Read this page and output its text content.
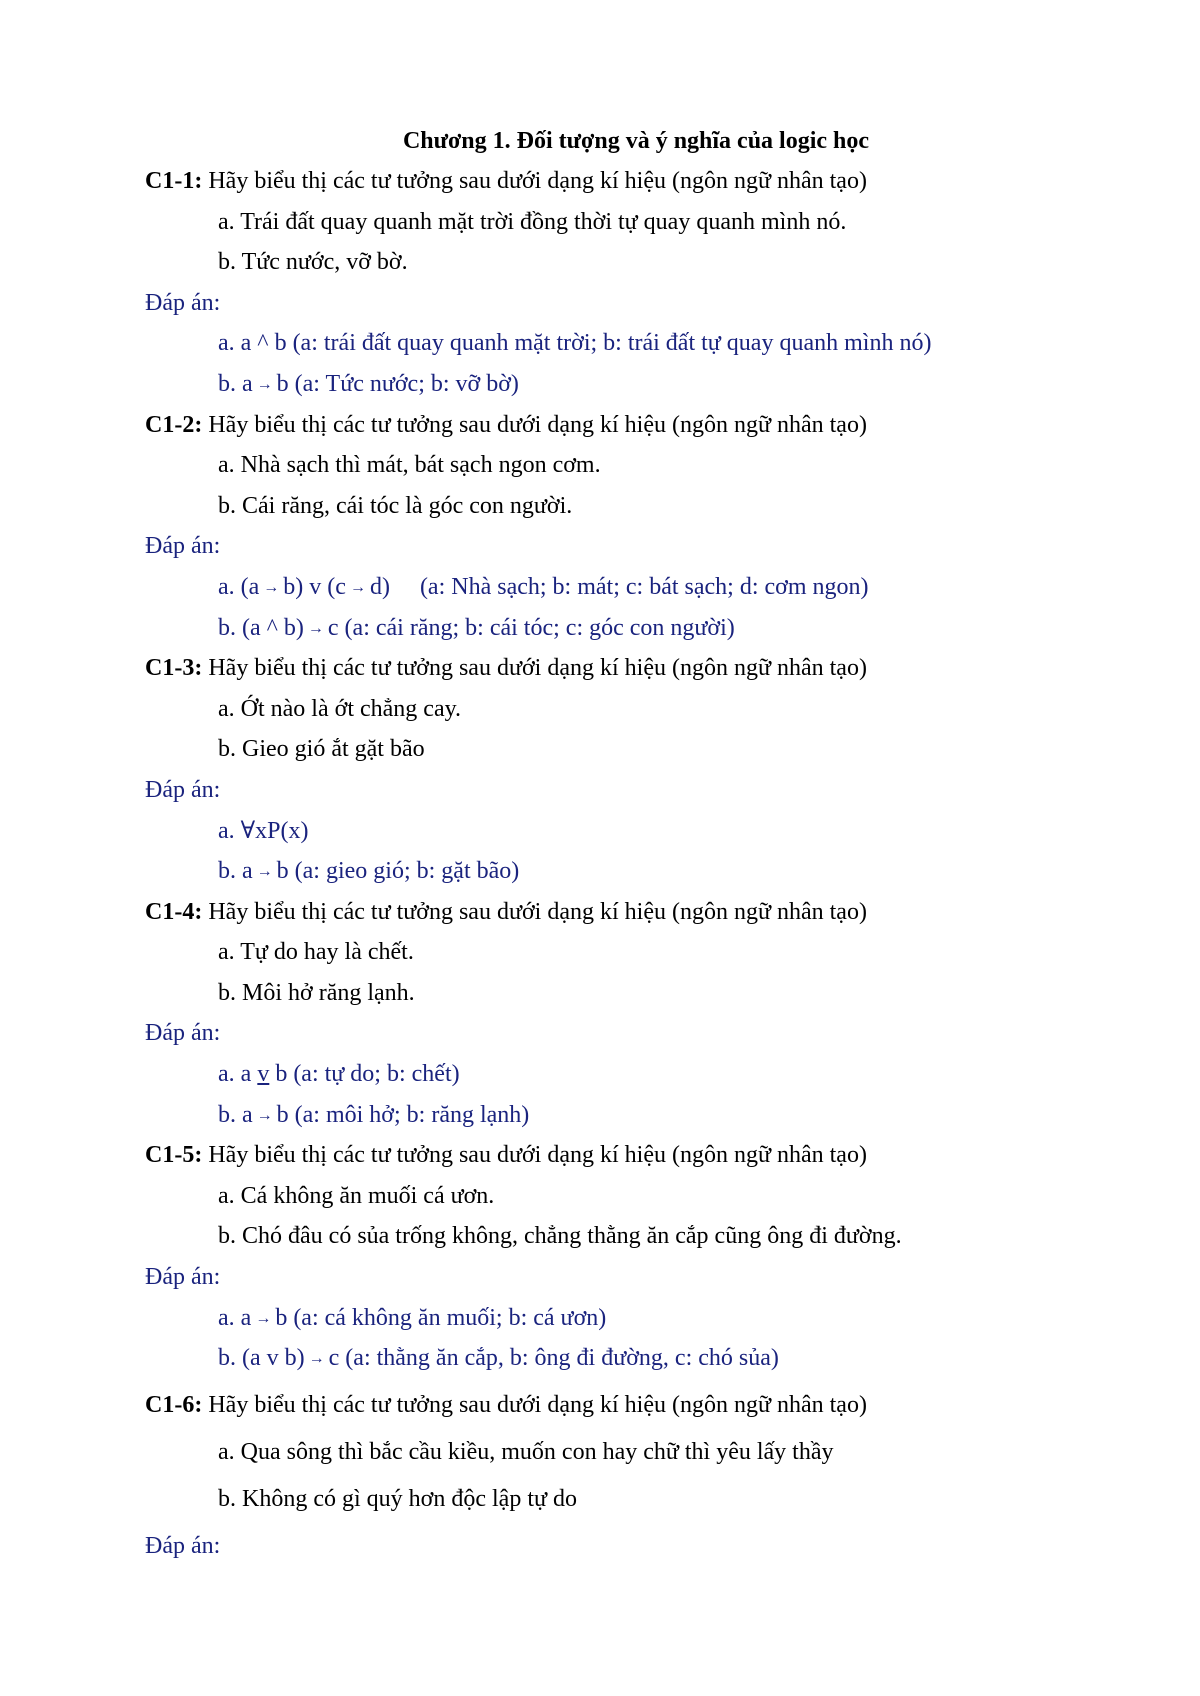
Chương 1. Đối tượng và ý nghĩa của logic học
C1-1: Hãy biểu thị các tư tưởng sau dưới dạng kí hiệu (ngôn ngữ nhân tạo)
a. Trái đất quay quanh mặt trời đồng thời tự quay quanh mình nó.
b. Tức nước, vỡ bờ.
Đáp án:
a. a ^ b (a: trái đất quay quanh mặt trời; b: trái đất tự quay quanh mình nó)
b. a → b (a: Tức nước; b: vỡ bờ)
C1-2: Hãy biểu thị các tư tưởng sau dưới dạng kí hiệu (ngôn ngữ nhân tạo)
a. Nhà sạch thì mát, bát sạch ngon cơm.
b. Cái răng, cái tóc là góc con người.
Đáp án:
a. (a → b) v (c → d) (a: Nhà sạch; b: mát; c: bát sạch; d: cơm ngon)
b. (a ^ b) → c (a: cái răng; b: cái tóc; c: góc con người)
C1-3: Hãy biểu thị các tư tưởng sau dưới dạng kí hiệu (ngôn ngữ nhân tạo)
a. Ớt nào là ớt chẳng cay.
b. Gieo gió ắt gặt bão
Đáp án:
a. ∀xP(x)
b. a → b (a: gieo gió; b: gặt bão)
C1-4: Hãy biểu thị các tư tưởng sau dưới dạng kí hiệu (ngôn ngữ nhân tạo)
a. Tự do hay là chết.
b. Môi hở răng lạnh.
Đáp án:
a. a v b (a: tự do; b: chết)
b. a → b (a: môi hở; b: răng lạnh)
C1-5: Hãy biểu thị các tư tưởng sau dưới dạng kí hiệu (ngôn ngữ nhân tạo)
a. Cá không ăn muối cá ươn.
b. Chó đâu có sủa trống không, chẳng thằng ăn cắp cũng ông đi đường.
Đáp án:
a. a → b (a: cá không ăn muối; b: cá ươn)
b. (a v b) → c (a: thằng ăn cắp, b: ông đi đường, c: chó sủa)
C1-6: Hãy biểu thị các tư tưởng sau dưới dạng kí hiệu (ngôn ngữ nhân tạo)
a. Qua sông thì bắc cầu kiều, muốn con hay chữ thì yêu lấy thầy
b. Không có gì quý hơn độc lập tự do
Đáp án:
